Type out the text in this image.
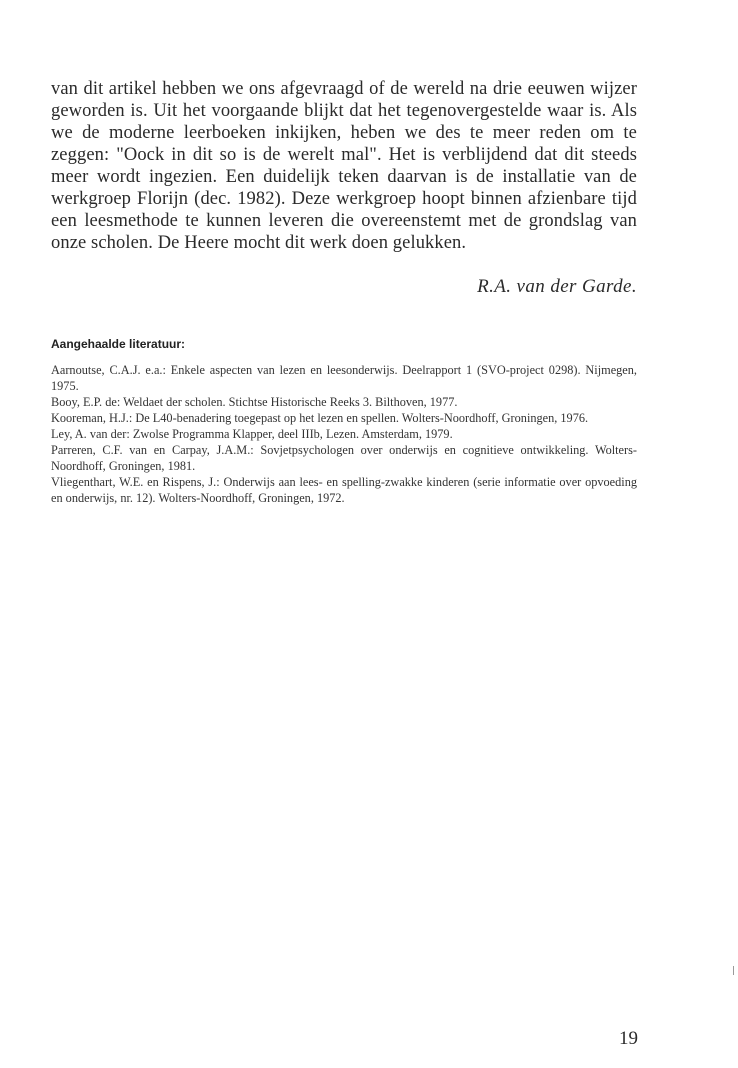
van dit artikel hebben we ons afgevraagd of de wereld na drie eeuwen wijzer geworden is. Uit het voorgaande blijkt dat het tegenovergestelde waar is. Als we de moderne leerboeken inkijken, heben we des te meer reden om te zeggen: "Oock in dit so is de werelt mal". Het is verblijdend dat dit steeds meer wordt ingezien. Een duidelijk teken daarvan is de installatie van de werkgroep Florijn (dec. 1982). Deze werkgroep hoopt binnen afzienbare tijd een leesmethode te kunnen leveren die overeenstemt met de grondslag van onze scholen. De Heere mocht dit werk doen gelukken.

R.A. van der Garde.

Aangehaalde literatuur:
Aarnoutse, C.A.J. e.a.: Enkele aspecten van lezen en leesonderwijs. Deelrapport 1 (SVO-project 0298). Nijmegen, 1975.
Booy, E.P. de: Weldaet der scholen. Stichtse Historische Reeks 3. Bilthoven, 1977.
Kooreman, H.J.: De L40-benadering toegepast op het lezen en spellen. Wolters-Noordhoff, Groningen, 1976.
Ley, A. van der: Zwolse Programma Klapper, deel IIIb, Lezen. Amsterdam, 1979.
Parreren, C.F. van en Carpay, J.A.M.: Sovjetpsychologen over onderwijs en cognitieve ontwikkeling. Wolters-Noordhoff, Groningen, 1981.
Vliegenthart, W.E. en Rispens, J.: Onderwijs aan lees- en spelling-zwakke kinderen (serie informatie over opvoeding en onderwijs, nr. 12). Wolters-Noordhoff, Groningen, 1972.
19
